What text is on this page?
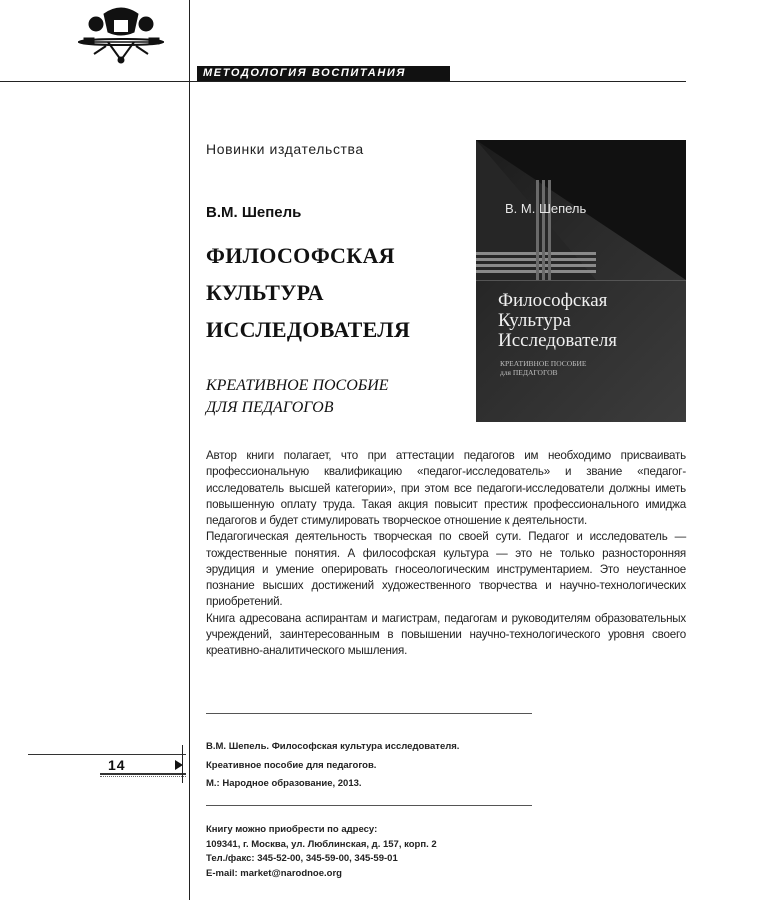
МЕТОДОЛОГИЯ ВОСПИТАНИЯ
Новинки издательства
В.М. Шепель
ФИЛОСОФСКАЯ
КУЛЬТУРА
ИССЛЕДОВАТЕЛЯ
КРЕАТИВНОЕ ПОСОБИЕ
ДЛЯ ПЕДАГОГОВ
В. М. Шепель
Философская
Культура
Исследователя
КРЕАТИВНОЕ ПОСОБИЕ
для ПЕДАГОГОВ

Автор книги полагает, что при аттестации педагогов им необходимо присваивать профессиональную квалификацию «педагог-исследователь» и звание «педагог-исследователь высшей категории», при этом все педагоги-исследователи должны иметь повышенную оплату труда. Такая акция повысит престиж профессионального имиджа педагогов и будет стимулировать творческое отношение к деятельности.

Педагогическая деятельность творческая по своей сути. Педагог и исследователь — тождественные понятия. А философская культура — это не только разносторонняя эрудиция и умение оперировать гносеологическим инструментарием. Это неустанное познание высших достижений художественного творчества и научно-технологических приобретений.

Книга адресована аспирантам и магистрам, педагогам и руководителям образовательных учреждений, заинтересованным в повышении научно-технологического уровня своего креативно-аналитического мышления.

В.М. Шепель. Философская культура исследователя.
Креативное пособие для педагогов.
М.: Народное образование, 2013.
Книгу можно приобрести по адресу:
109341, г. Москва, ул. Люблинская, д. 157, корп. 2
Тел./факс: 345-52-00, 345-59-00, 345-59-01
E-mail: market@narodnoe.org
14
